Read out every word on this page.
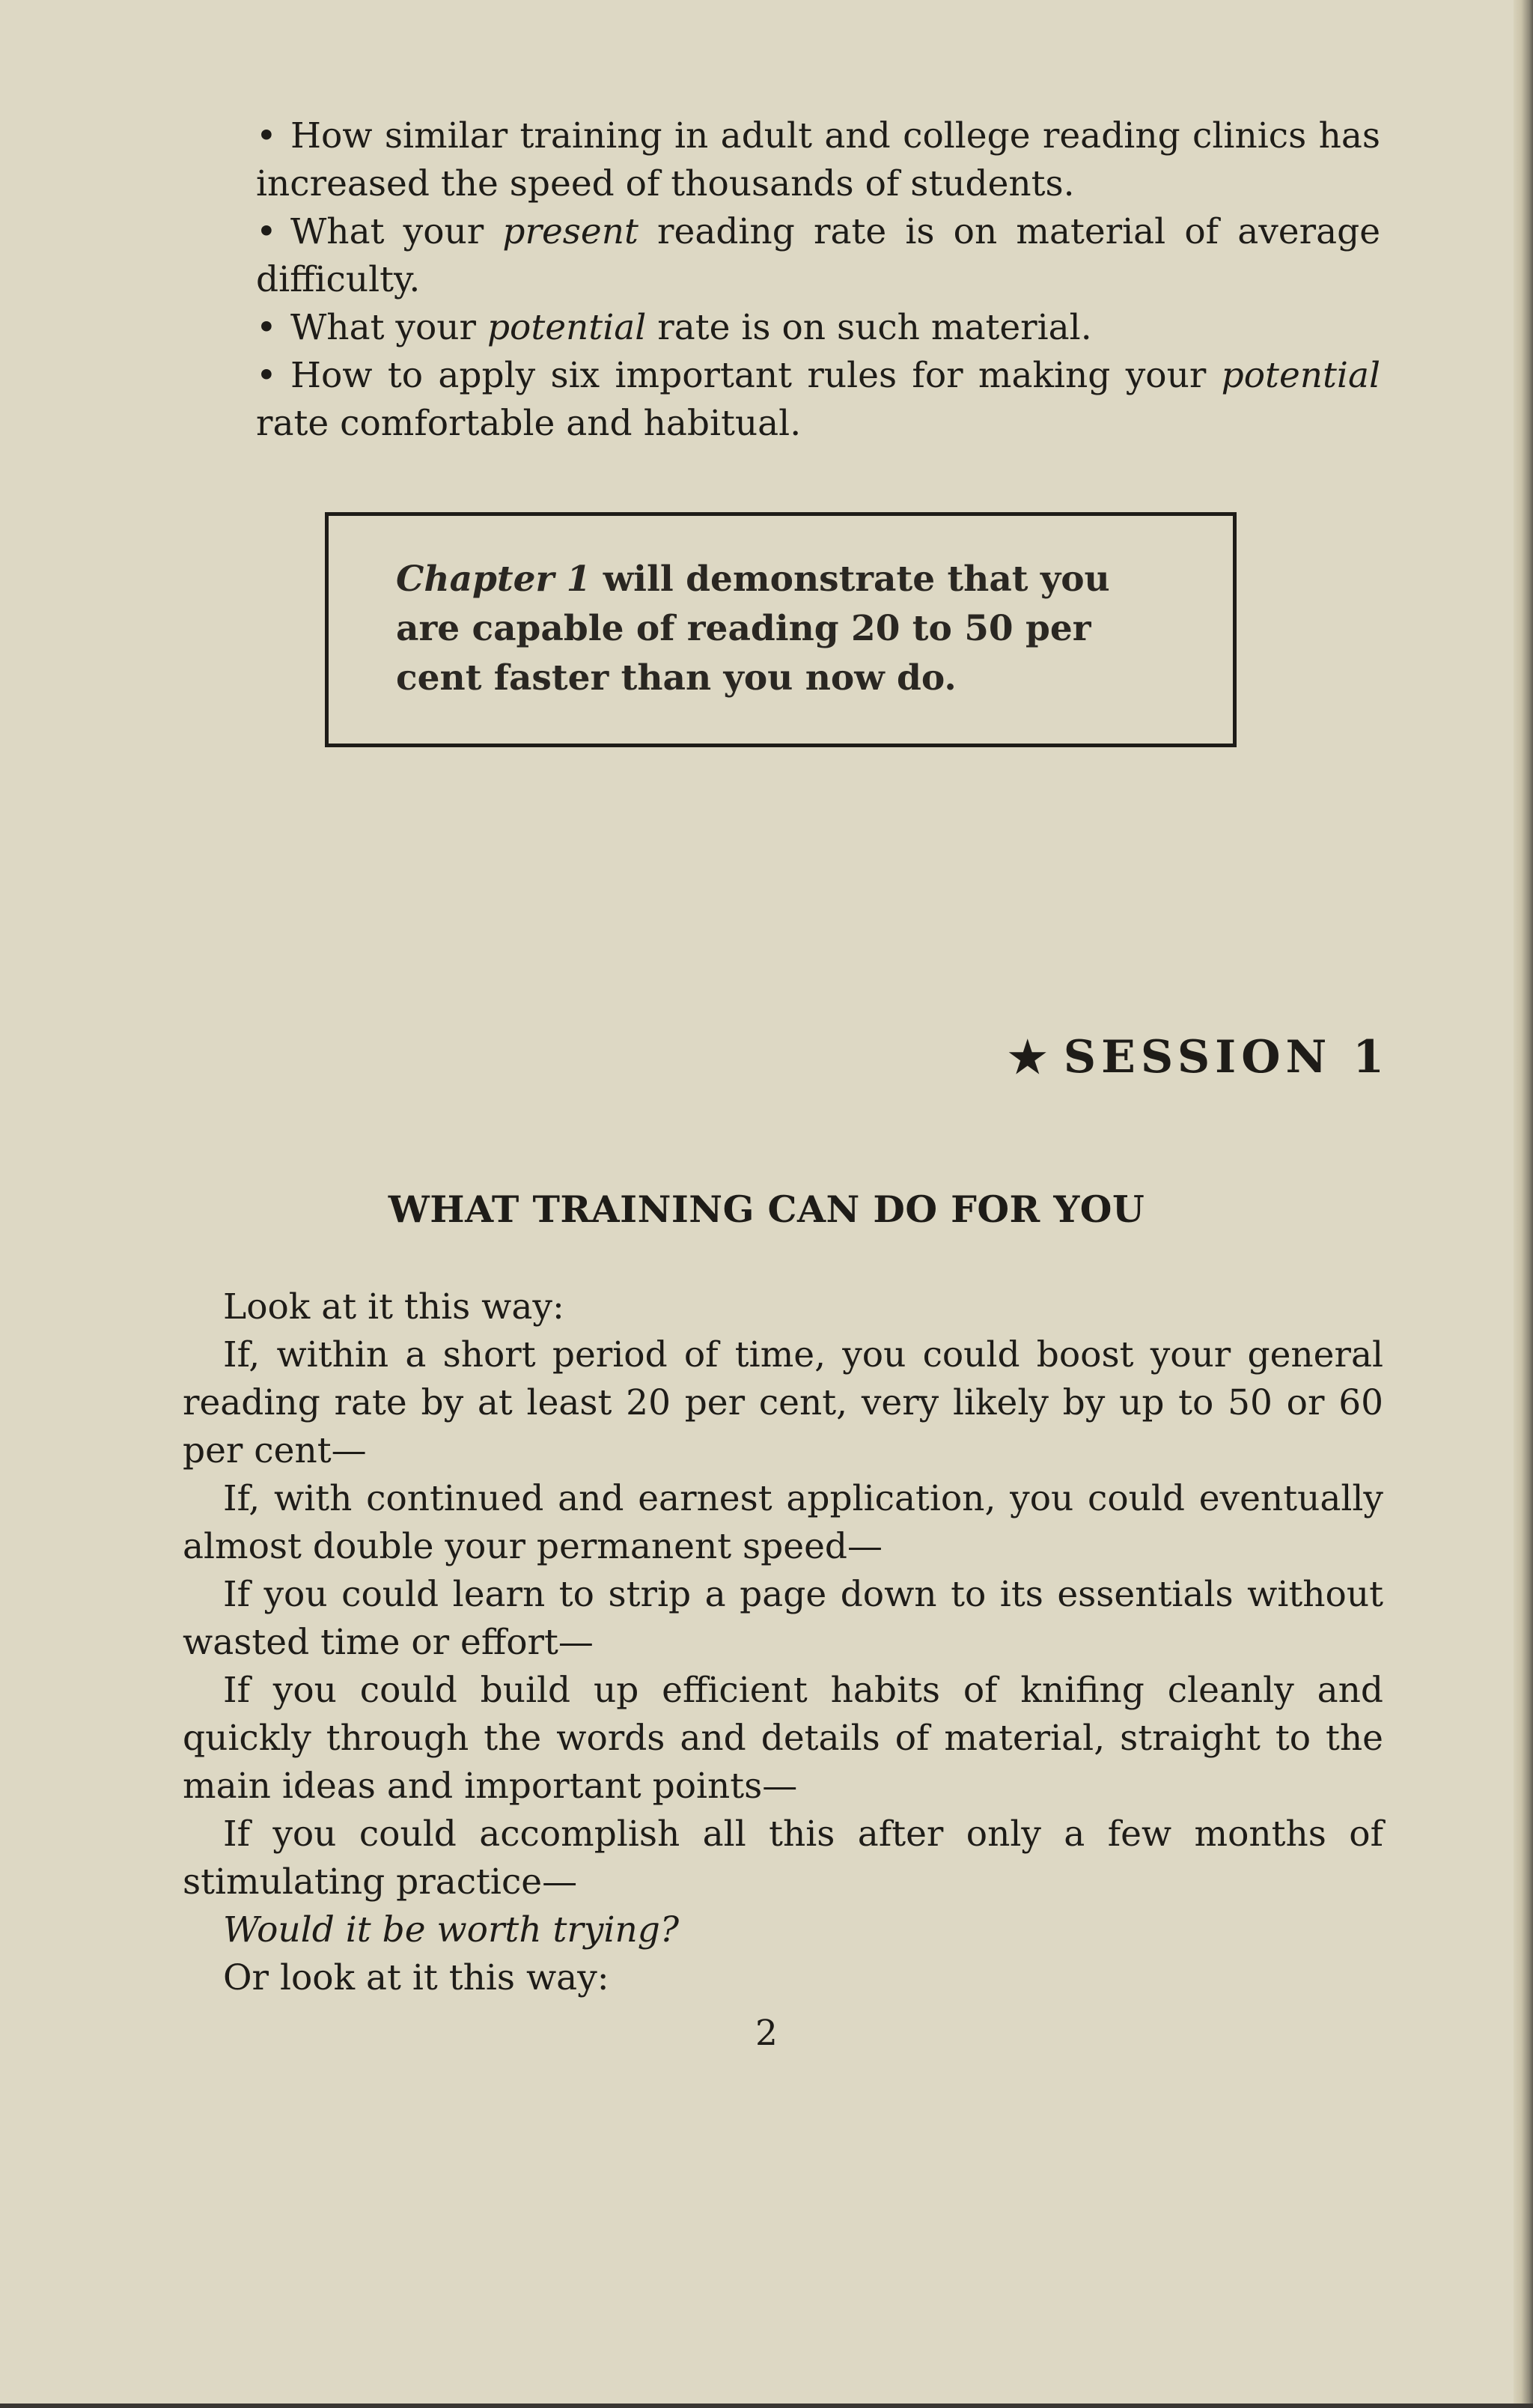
• How similar training in adult and college reading clinics has increased the speed of thousands of students.
• What your present reading rate is on material of average difficulty.
• What your potential rate is on such material.
• How to apply six important rules for making your potential rate comfortable and habitual.
Chapter 1 will demonstrate that you are capable of reading 20 to 50 per cent faster than you now do.
★ SESSION 1
WHAT TRAINING CAN DO FOR YOU

Look at it this way:

If, within a short period of time, you could boost your general reading rate by at least 20 per cent, very likely by up to 50 or 60 per cent—

If, with continued and earnest application, you could eventually almost double your permanent speed—

If you could learn to strip a page down to its essentials without wasted time or effort—

If you could build up efficient habits of knifing cleanly and quickly through the words and details of material, straight to the main ideas and important points—

If you could accomplish all this after only a few months of stimulating practice—

Would it be worth trying?

Or look at it this way:

2
